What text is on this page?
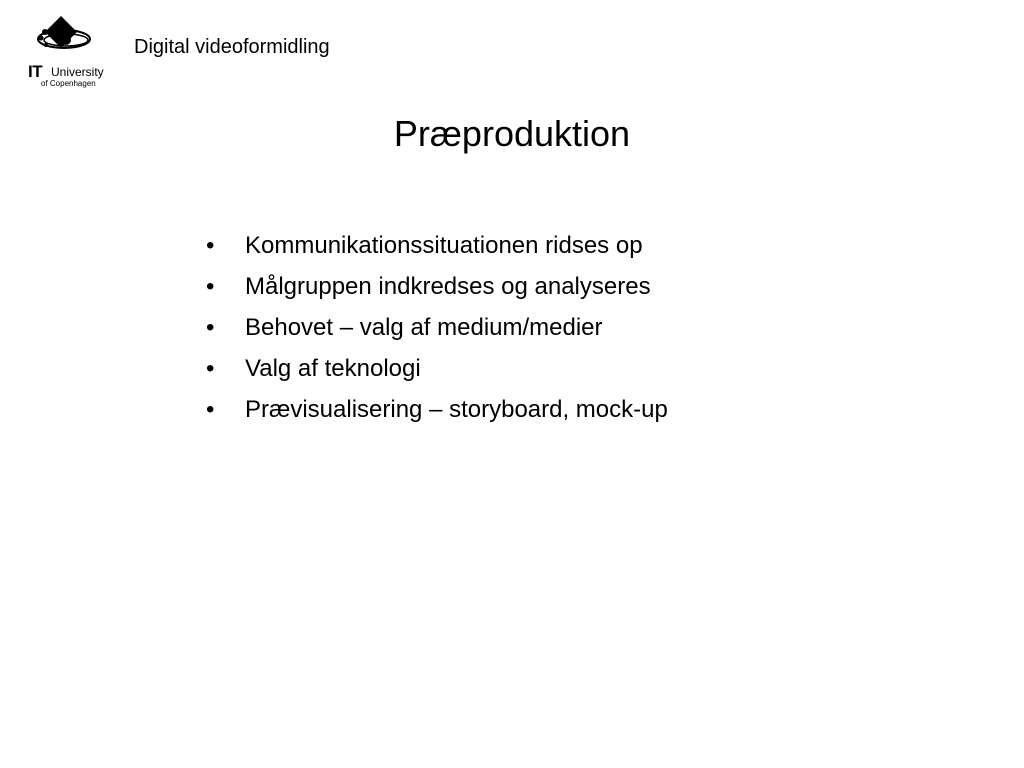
IT University
of Copenhagen
Digital videoformidling
Præproduktion
• Kommunikationssituationen ridses op
• Målgruppen indkredses og analyseres
• Behovet – valg af medium/medier
• Valg af teknologi
• Prævisualisering – storyboard, mock-up
